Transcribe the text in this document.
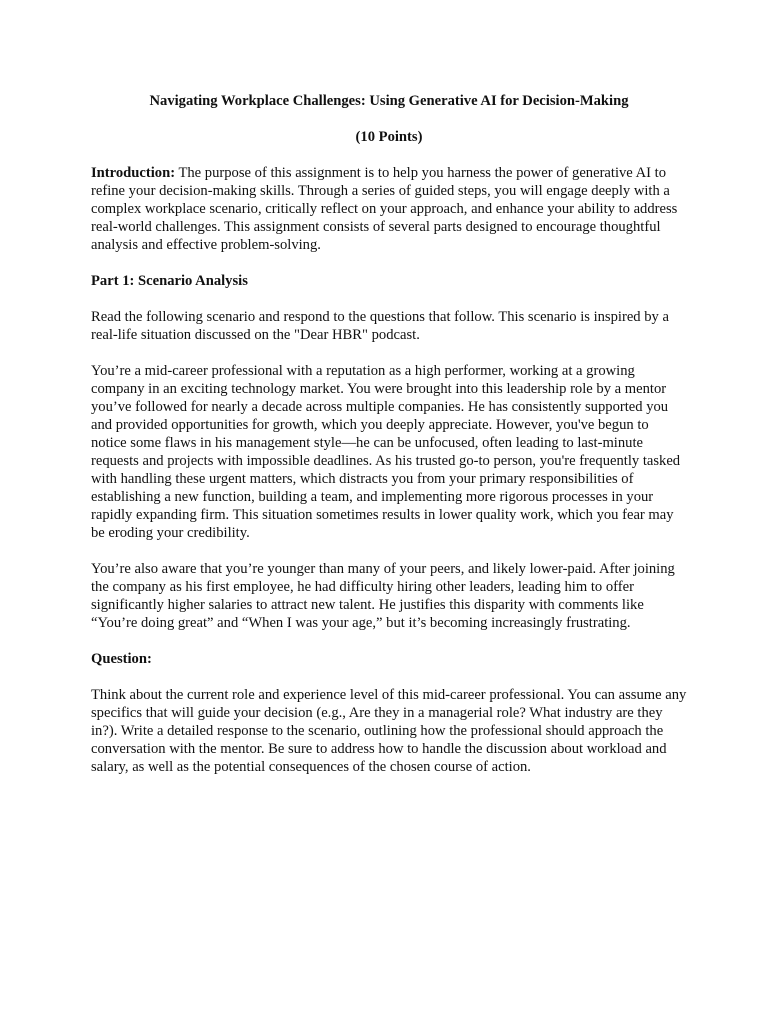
Navigating Workplace Challenges: Using Generative AI for Decision-Making

(10 Points)

Introduction: The purpose of this assignment is to help you harness the power of generative AI to refine your decision-making skills. Through a series of guided steps, you will engage deeply with a complex workplace scenario, critically reflect on your approach, and enhance your ability to address real-world challenges. This assignment consists of several parts designed to encourage thoughtful analysis and effective problem-solving.

Part 1: Scenario Analysis

Read the following scenario and respond to the questions that follow. This scenario is inspired by a real-life situation discussed on the "Dear HBR" podcast.

You’re a mid-career professional with a reputation as a high performer, working at a growing company in an exciting technology market. You were brought into this leadership role by a mentor you’ve followed for nearly a decade across multiple companies. He has consistently supported you and provided opportunities for growth, which you deeply appreciate. However, you've begun to notice some flaws in his management style—he can be unfocused, often leading to last-minute requests and projects with impossible deadlines. As his trusted go-to person, you're frequently tasked with handling these urgent matters, which distracts you from your primary responsibilities of establishing a new function, building a team, and implementing more rigorous processes in your rapidly expanding firm. This situation sometimes results in lower quality work, which you fear may be eroding your credibility.

You’re also aware that you’re younger than many of your peers, and likely lower-paid. After joining the company as his first employee, he had difficulty hiring other leaders, leading him to offer significantly higher salaries to attract new talent. He justifies this disparity with comments like “You’re doing great” and “When I was your age,” but it’s becoming increasingly frustrating.

Question:

Think about the current role and experience level of this mid-career professional. You can assume any specifics that will guide your decision (e.g., Are they in a managerial role? What industry are they in?). Write a detailed response to the scenario, outlining how the professional should approach the conversation with the mentor. Be sure to address how to handle the discussion about workload and salary, as well as the potential consequences of the chosen course of action.
